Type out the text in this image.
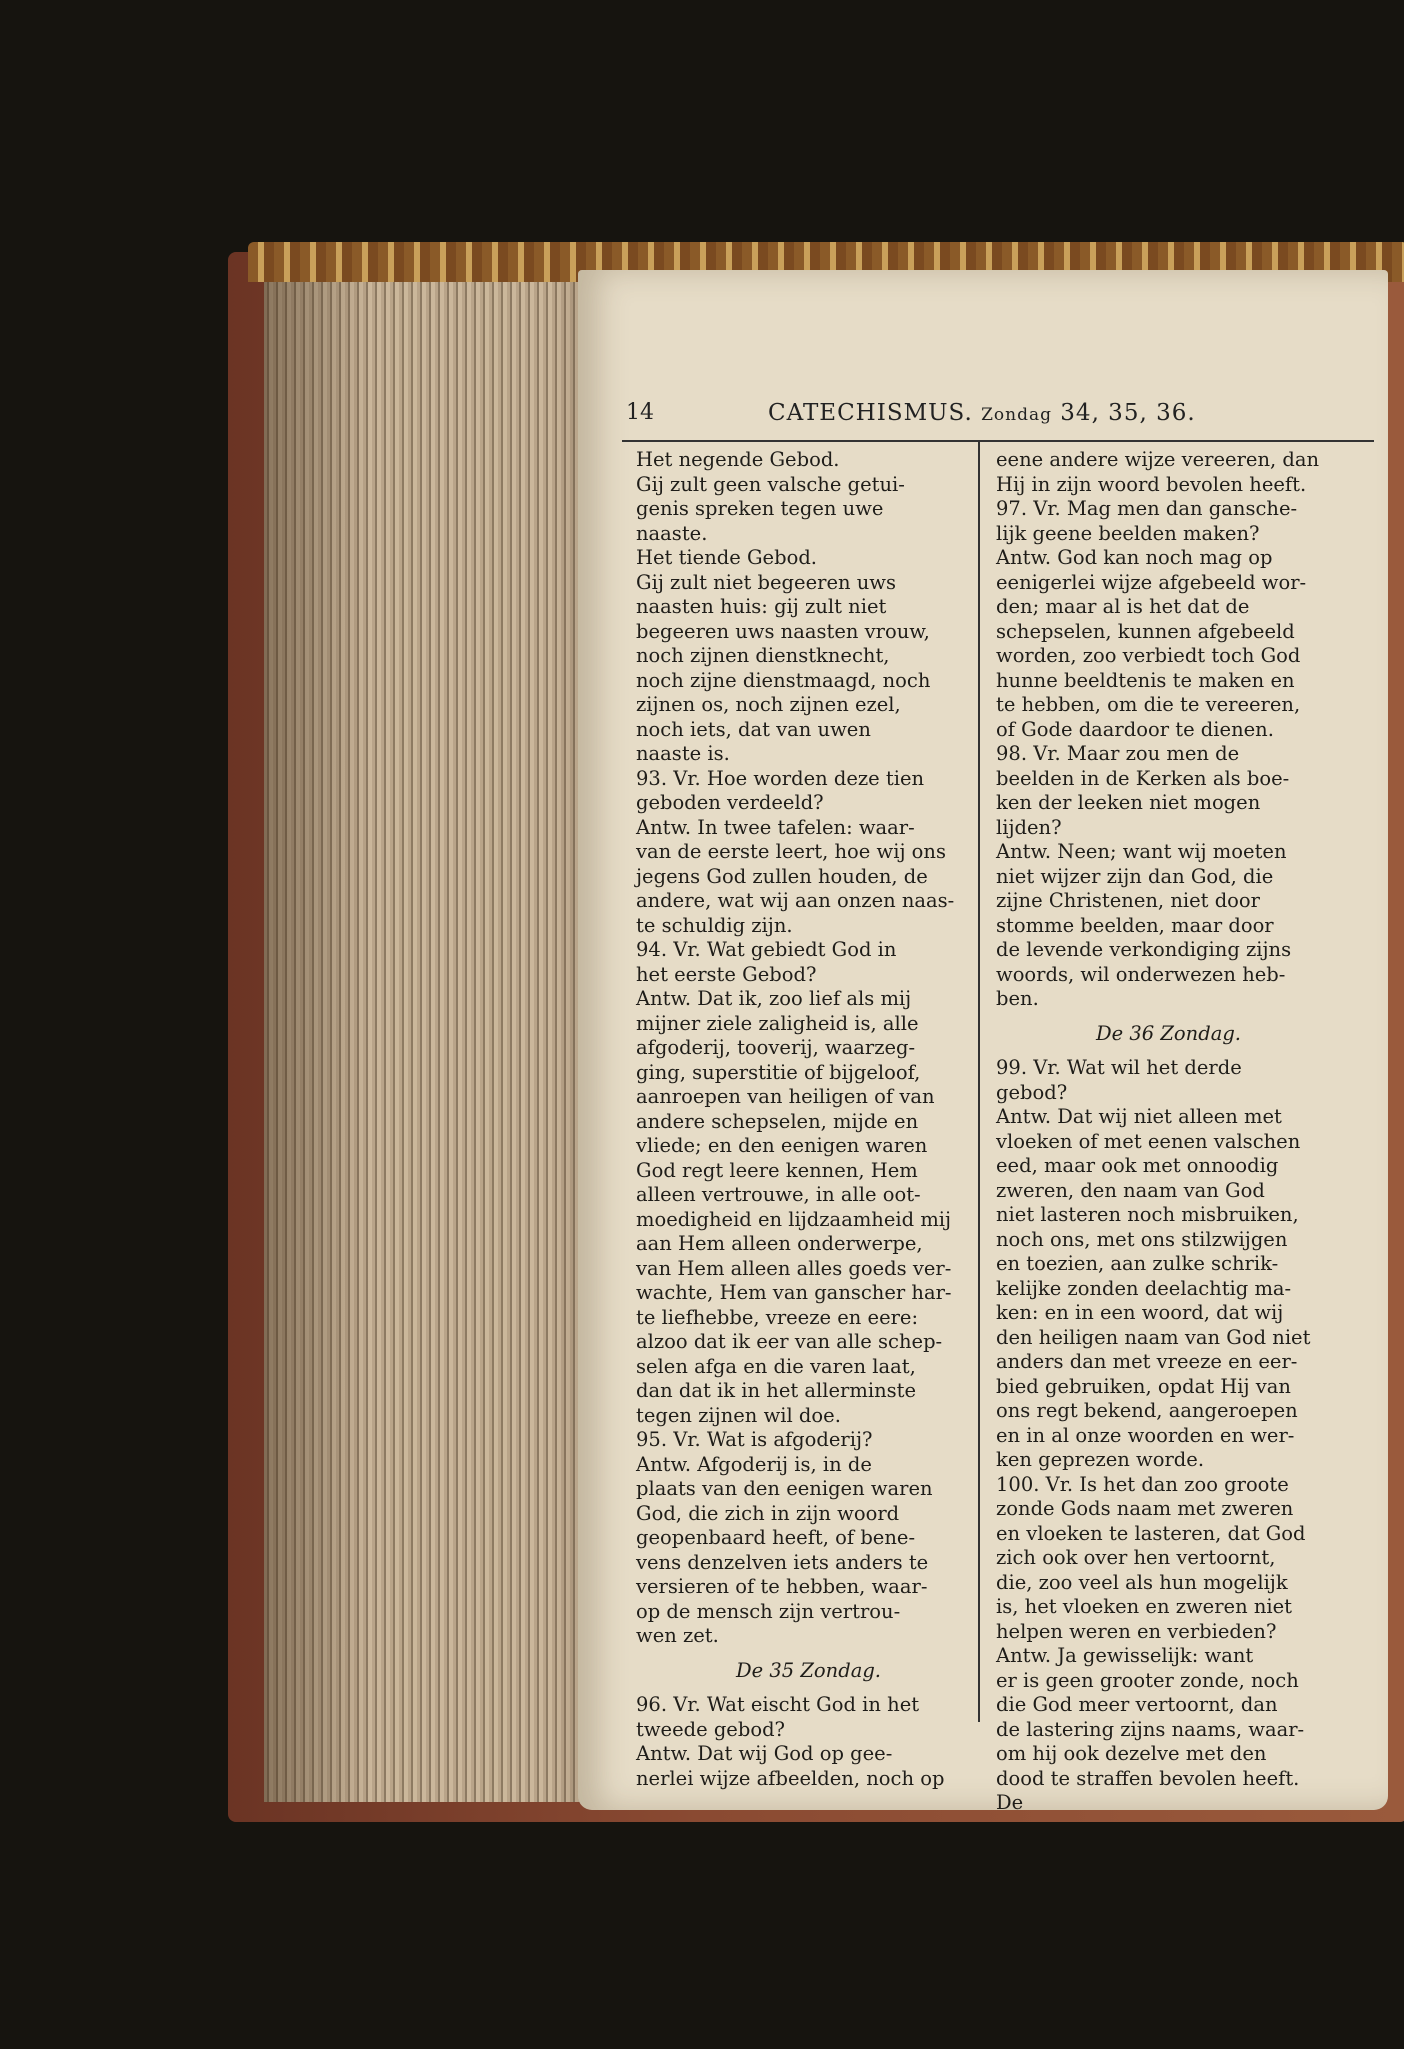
14	CATECHISMUS. Zondag 34, 35, 36.

Het negende Gebod.

Gij zult geen valsche getui-

genis spreken tegen uwe

naaste.

Het tiende Gebod.

Gij zult niet begeeren uws

naasten huis: gij zult niet

begeeren uws naasten vrouw,

noch zijnen dienstknecht,

noch zijne dienstmaagd, noch

zijnen os, noch zijnen ezel,

noch iets, dat van uwen

naaste is.

93. Vr. Hoe worden deze tien

geboden verdeeld?

Antw. In twee tafelen: waar-

van de eerste leert, hoe wij ons

jegens God zullen houden, de

andere, wat wij aan onzen naas-

te schuldig zijn.

94. Vr. Wat gebiedt God in

het eerste Gebod?

Antw. Dat ik, zoo lief als mij

mijner ziele zaligheid is, alle

afgoderij, tooverij, waarzeg-

ging, superstitie of bijgeloof,

aanroepen van heiligen of van

andere schepselen, mijde en

vliede; en den eenigen waren

God regt leere kennen, Hem

alleen vertrouwe, in alle oot-

moedigheid en lijdzaamheid mij

aan Hem alleen onderwerpe,

van Hem alleen alles goeds ver-

wachte, Hem van ganscher har-

te liefhebbe, vreeze en eere:

alzoo dat ik eer van alle schep-

selen afga en die varen laat,

dan dat ik in het allerminste

tegen zijnen wil doe.

95. Vr. Wat is afgoderij?

Antw. Afgoderij is, in de

plaats van den eenigen waren

God, die zich in zijn woord

geopenbaard heeft, of bene-

vens denzelven iets anders te

versieren of te hebben, waar-

op de mensch zijn vertrou-

wen zet.

De 35 Zondag.

96. Vr. Wat eischt God in het

tweede gebod?

Antw. Dat wij God op gee-

nerlei wijze afbeelden, noch op

eene andere wijze vereeren, dan

Hij in zijn woord bevolen heeft.

97. Vr. Mag men dan gansche-

lijk geene beelden maken?

Antw. God kan noch mag op

eenigerlei wijze afgebeeld wor-

den; maar al is het dat de

schepselen, kunnen afgebeeld

worden, zoo verbiedt toch God

hunne beeldtenis te maken en

te hebben, om die te vereeren,

of Gode daardoor te dienen.

98. Vr. Maar zou men de

beelden in de Kerken als boe-

ken der leeken niet mogen

lijden?

Antw. Neen; want wij moeten

niet wijzer zijn dan God, die

zijne Christenen, niet door

stomme beelden, maar door

de levende verkondiging zijns

woords, wil onderwezen heb-

ben.

De 36 Zondag.

99. Vr. Wat wil het derde

gebod?

Antw. Dat wij niet alleen met

vloeken of met eenen valschen

eed, maar ook met onnoodig

zweren, den naam van God

niet lasteren noch misbruiken,

noch ons, met ons stilzwijgen

en toezien, aan zulke schrik-

kelijke zonden deelachtig ma-

ken: en in een woord, dat wij

den heiligen naam van God niet

anders dan met vreeze en eer-

bied gebruiken, opdat Hij van

ons regt bekend, aangeroepen

en in al onze woorden en wer-

ken geprezen worde.

100. Vr. Is het dan zoo groote

zonde Gods naam met zweren

en vloeken te lasteren, dat God

zich ook over hen vertoornt,

die, zoo veel als hun mogelijk

is, het vloeken en zweren niet

helpen weren en verbieden?

Antw. Ja gewisselijk: want

er is geen grooter zonde, noch

die God meer vertoornt, dan

de lastering zijns naams, waar-

om hij ook dezelve met den

dood te straffen bevolen heeft.

De
